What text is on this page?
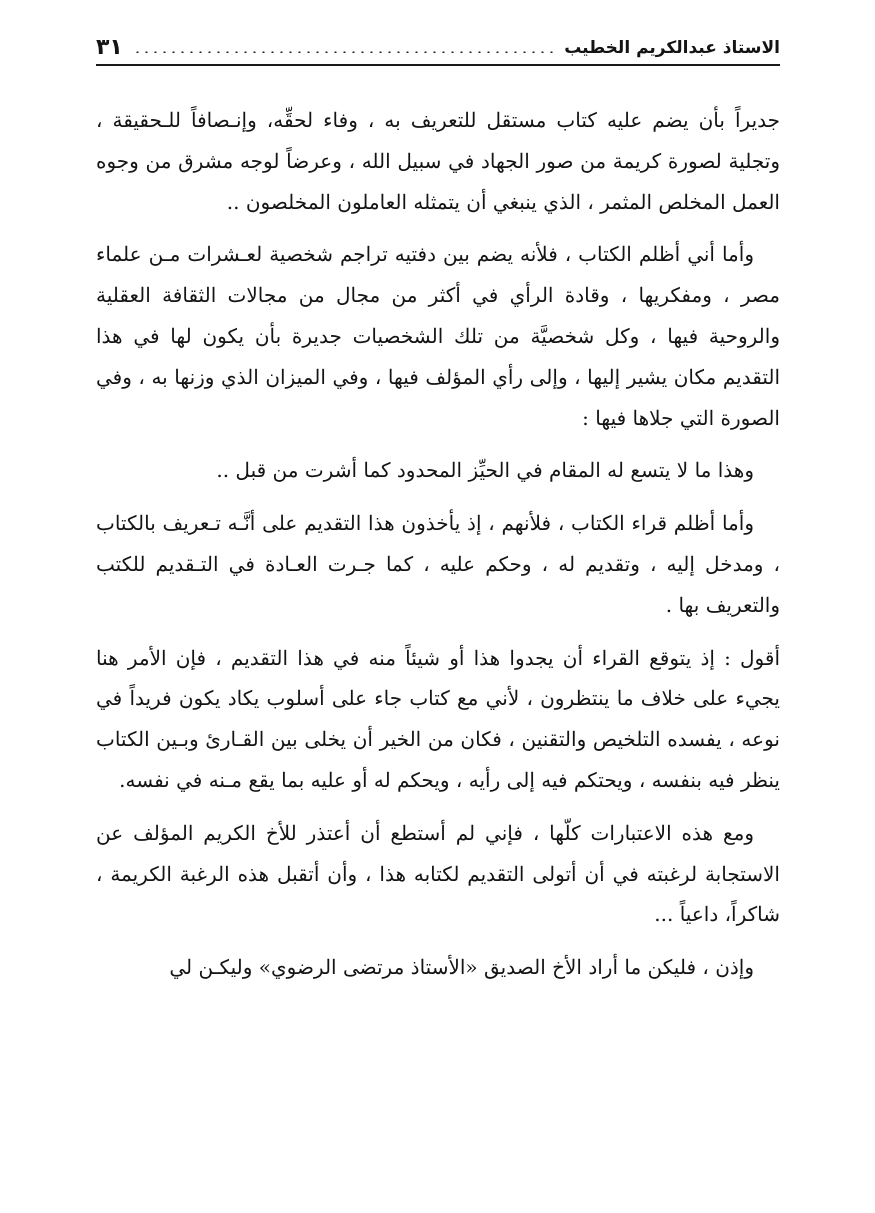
الاستاذ عبدالكريم الخطيب
٣١

جديراً بأن يضم عليه كتاب مستقل للتعريف به ، وفاء لحقِّه، وإنـصافاً للـحقيقة ، وتجلية لصورة كريمة من صور الجهاد في سبيل الله ، وعرضاً لوجه مشرق من وجوه العمل المخلص المثمر ، الذي ينبغي أن يتمثله العاملون المخلصون ..

وأما أني أظلم الكتاب ، فلأنه يضم بين دفتيه تراجم شخصية لعـشرات مـن علماء مصر ، ومفكريها ، وقادة الرأي في أكثر من مجال من مجالات الثقافة العقلية والروحية فيها ، وكل شخصيَّة من تلك الشخصيات جديرة بأن يكون لها في هذا التقديم مكان يشير إليها ، وإلى رأي المؤلف فيها ، وفي الميزان الذي وزنها به ، وفي الصورة التي جلاها فيها :

وهذا ما لا يتسع له المقام في الحيِّز المحدود كما أشرت من قبل ..

وأما أظلم قراء الكتاب ، فلأنهم ، إذ يأخذون هذا التقديم على أنَّـه تـعريف بالكتاب ، ومدخل إليه ، وتقديم له ، وحكم عليه ، كما جـرت العـادة في التـقديم للكتب والتعريف بها .

أقول : إذ يتوقع القراء أن يجدوا هذا أو شيئاً منه في هذا التقديم ، فإن الأمر هنا يجيء على خلاف ما ينتظرون ، لأني مع كتاب جاء على أسلوب يكاد يكون فريداً في نوعه ، يفسده التلخيص والتقنين ، فكان من الخير أن يخلى بين القـارئ وبـين الكتاب ينظر فيه بنفسه ، ويحتكم فيه إلى رأيه ، ويحكم له أو عليه بما يقع مـنه في نفسه.

ومع هذه الاعتبارات كلّها ، فإني لم أستطع أن أعتذر للأخ الكريم المؤلف عن الاستجابة لرغبته في أن أتولى التقديم لكتابه هذا ، وأن أتقبل هذه الرغبة الكريمة ، شاكراً، داعياً ...

وإذن ، فليكن ما أراد الأخ الصديق «الأستاذ مرتضى الرضوي» وليكـن لي
